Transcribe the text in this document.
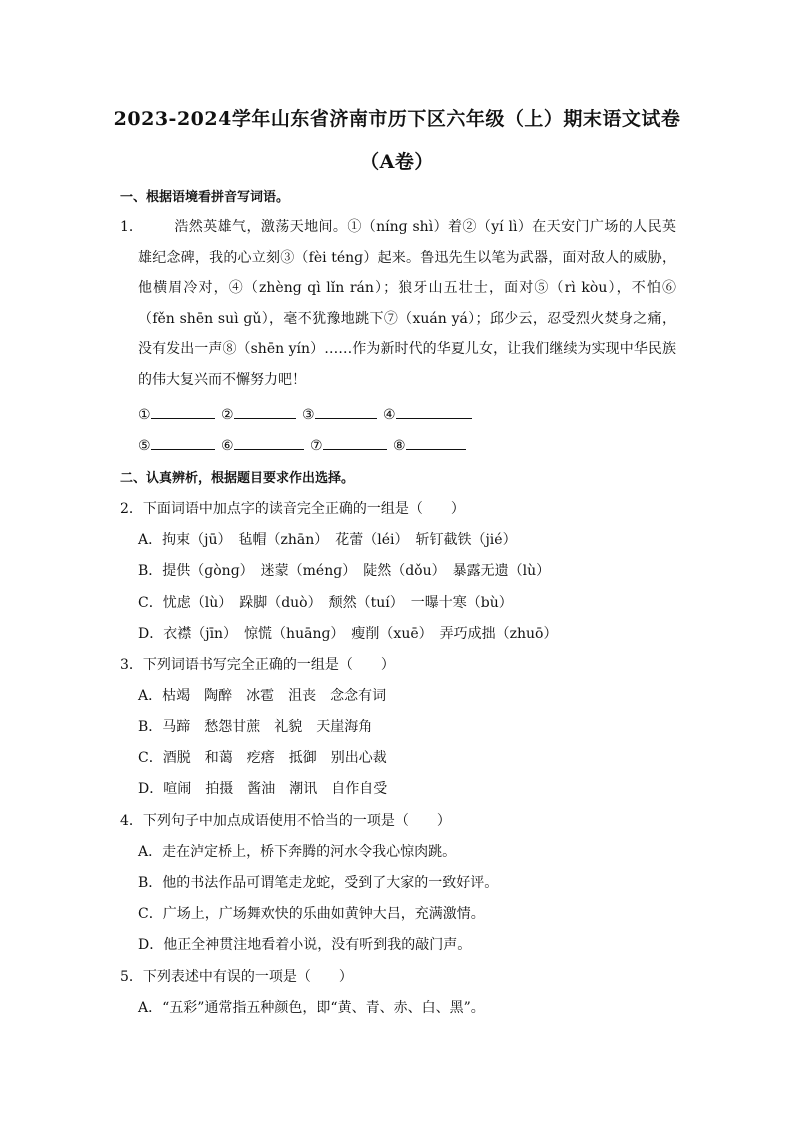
2023-2024学年山东省济南市历下区六年级（上）期末语文试卷
（A卷）
一、根据语境看拼音写词语。
1．	浩然英雄气，激荡天地间。①（nínɡ shì）着②（yí lì）在天安门广场的人民英雄纪念碑，我的心立刻③（fèi ténɡ）起来。鲁迅先生以笔为武器，面对敌人的威胁，他横眉冷对，④（zhènɡ qì lǐn rán）；狼牙山五壮士，面对⑤（rì kòu），不怕⑥（fěn shēn suì ɡǔ），毫不犹豫地跳下⑦（xuán yá）；邱少云，忍受烈火焚身之痛，没有发出一声⑧（shēn yín）……作为新时代的华夏儿女，让我们继续为实现中华民族的伟大复兴而不懈努力吧！
①	②	③	④
⑤	⑥	⑦	⑧
二、认真辨析，根据题目要求作出选择。
2．下面词语中加点字的读音完全正确的一组是（　　）
A．拘束（jū）　毡帽（zhān）　花蕾（léi）　斩钉截铁（jié）
B．提供（ɡònɡ）　迷蒙（ménɡ）　陡然（dǒu）　暴露无遗（lù）
C．忧虑（lù）　跺脚（duò）　颓然（tuí）　一曝十寒（bù）
D．衣襟（jīn）　惊慌（huānɡ）　瘦削（xuē）　弄巧成拙（zhuō）
3．下列词语书写完全正确的一组是（　　）
A．枯竭　陶醉　冰雹　沮丧　念念有词
B．马蹄　愁怨甘蔗　礼貌　天崖海角
C．酒脱　和蔼　疙瘩　抵御　别出心裁
D．喧闹　拍摄　酱油　潮讯　自作自受
4．下列句子中加点成语使用不恰当的一项是（　　）
A．走在泸定桥上，桥下奔腾的河水令我心惊肉跳。
B．他的书法作品可谓笔走龙蛇，受到了大家的一致好评。
C．广场上，广场舞欢快的乐曲如黄钟大吕，充满激情。
D．他正全神贯注地看着小说，没有听到我的敲门声。
5．下列表述中有误的一项是（　　）
A．“五彩”通常指五种颜色，即“黄、青、赤、白、黑”。
